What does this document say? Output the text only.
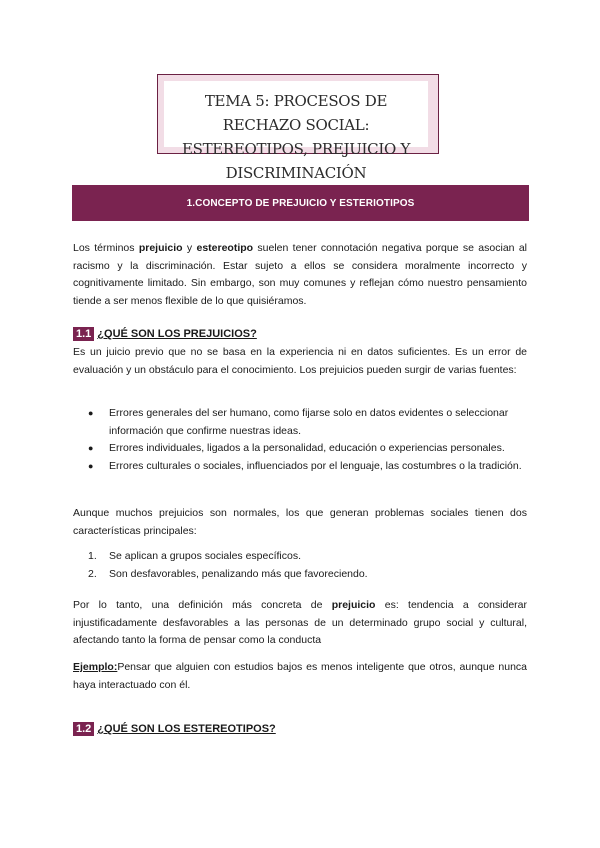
TEMA 5: PROCESOS DE RECHAZO SOCIAL:
ESTEREOTIPOS, PREJUICIO Y DISCRIMINACIÓN
1.CONCEPTO DE PREJUICIO Y ESTERIOTIPOS
Los términos prejuicio y estereotipo suelen tener connotación negativa porque se asocian al racismo y la discriminación. Estar sujeto a ellos se considera moralmente incorrecto y cognitivamente limitado. Sin embargo, son muy comunes y reflejan cómo nuestro pensamiento tiende a ser menos flexible de lo que quisiéramos.
1.1 ¿QUÉ SON LOS PREJUICIOS?
Es un juicio previo que no se basa en la experiencia ni en datos suficientes. Es un error de evaluación y un obstáculo para el conocimiento. Los prejuicios pueden surgir de varias fuentes:
● Errores generales del ser humano, como fijarse solo en datos evidentes o seleccionar información que confirme nuestras ideas.
● Errores individuales, ligados a la personalidad, educación o experiencias personales.
● Errores culturales o sociales, influenciados por el lenguaje, las costumbres o la tradición.
Aunque muchos prejuicios son normales, los que generan problemas sociales tienen dos características principales:
1. Se aplican a grupos sociales específicos.
2. Son desfavorables, penalizando más que favoreciendo.
Por lo tanto, una definición más concreta de prejuicio es: tendencia a considerar injustificadamente desfavorables a las personas de un determinado grupo social y cultural, afectando tanto la forma de pensar como la conducta
Ejemplo:Pensar que alguien con estudios bajos es menos inteligente que otros, aunque nunca haya interactuado con él.
1.2 ¿QUÉ SON LOS ESTEREOTIPOS?
